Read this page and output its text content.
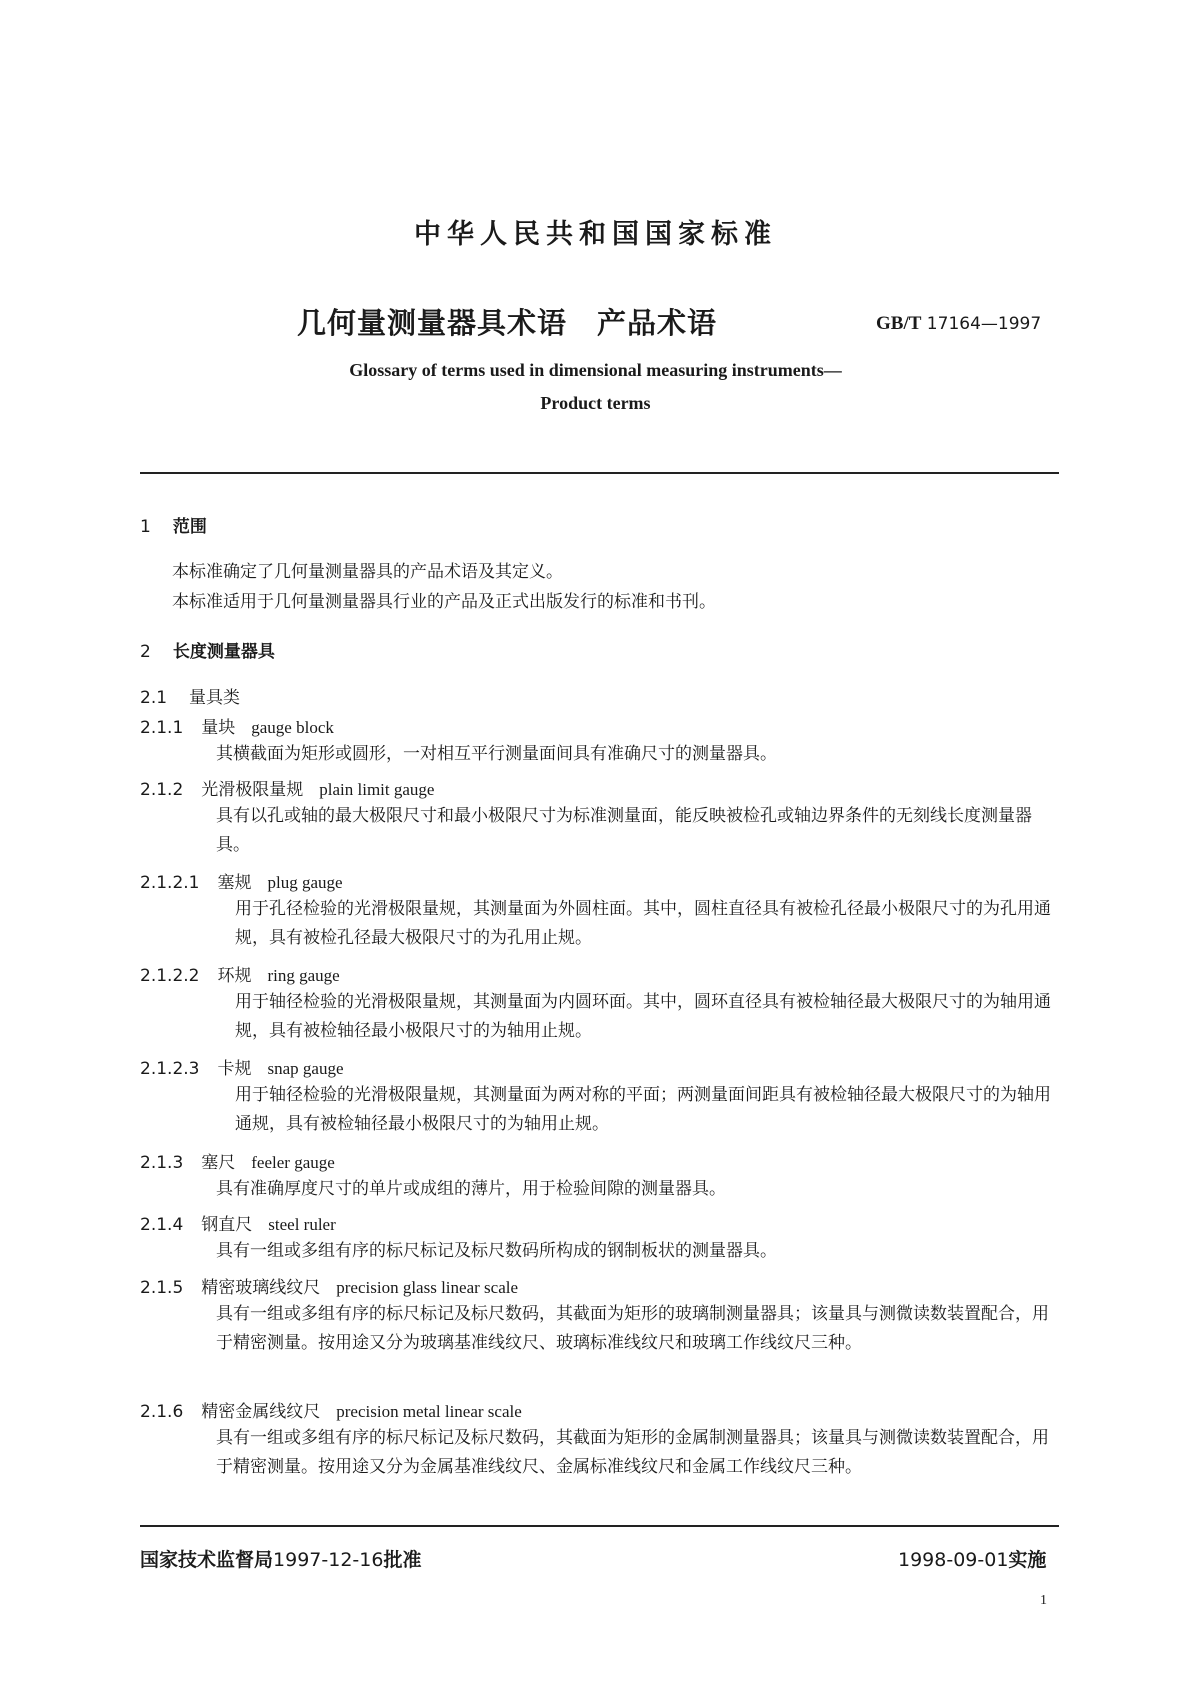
中华人民共和国国家标准
几何量测量器具术语　产品术语	GB/T 17164—1997
Glossary of terms used in dimensional measuring instruments—
Product terms
1 范围
本标准确定了几何量测量器具的产品术语及其定义。
本标准适用于几何量测量器具行业的产品及正式出版发行的标准和书刊。
2 长度测量器具
2.1 量具类
2.1.1 量块 gauge block
其横截面为矩形或圆形，一对相互平行测量面间具有准确尺寸的测量器具。
2.1.2 光滑极限量规 plain limit gauge
具有以孔或轴的最大极限尺寸和最小极限尺寸为标准测量面，能反映被检孔或轴边界条件的无刻线长度测量器具。
2.1.2.1 塞规 plug gauge
用于孔径检验的光滑极限量规，其测量面为外圆柱面。其中，圆柱直径具有被检孔径最小极限尺寸的为孔用通规，具有被检孔径最大极限尺寸的为孔用止规。
2.1.2.2 环规 ring gauge
用于轴径检验的光滑极限量规，其测量面为内圆环面。其中，圆环直径具有被检轴径最大极限尺寸的为轴用通规，具有被检轴径最小极限尺寸的为轴用止规。
2.1.2.3 卡规 snap gauge
用于轴径检验的光滑极限量规，其测量面为两对称的平面；两测量面间距具有被检轴径最大极限尺寸的为轴用通规，具有被检轴径最小极限尺寸的为轴用止规。
2.1.3 塞尺 feeler gauge
具有准确厚度尺寸的单片或成组的薄片，用于检验间隙的测量器具。
2.1.4 钢直尺 steel ruler
具有一组或多组有序的标尺标记及标尺数码所构成的钢制板状的测量器具。
2.1.5 精密玻璃线纹尺 precision glass linear scale
具有一组或多组有序的标尺标记及标尺数码，其截面为矩形的玻璃制测量器具；该量具与测微读数装置配合，用于精密测量。按用途又分为玻璃基准线纹尺、玻璃标准线纹尺和玻璃工作线纹尺三种。
2.1.6 精密金属线纹尺 precision metal linear scale
具有一组或多组有序的标尺标记及标尺数码，其截面为矩形的金属制测量器具；该量具与测微读数装置配合，用于精密测量。按用途又分为金属基准线纹尺、金属标准线纹尺和金属工作线纹尺三种。
国家技术监督局1997-12-16批准	1998-09-01实施
1
